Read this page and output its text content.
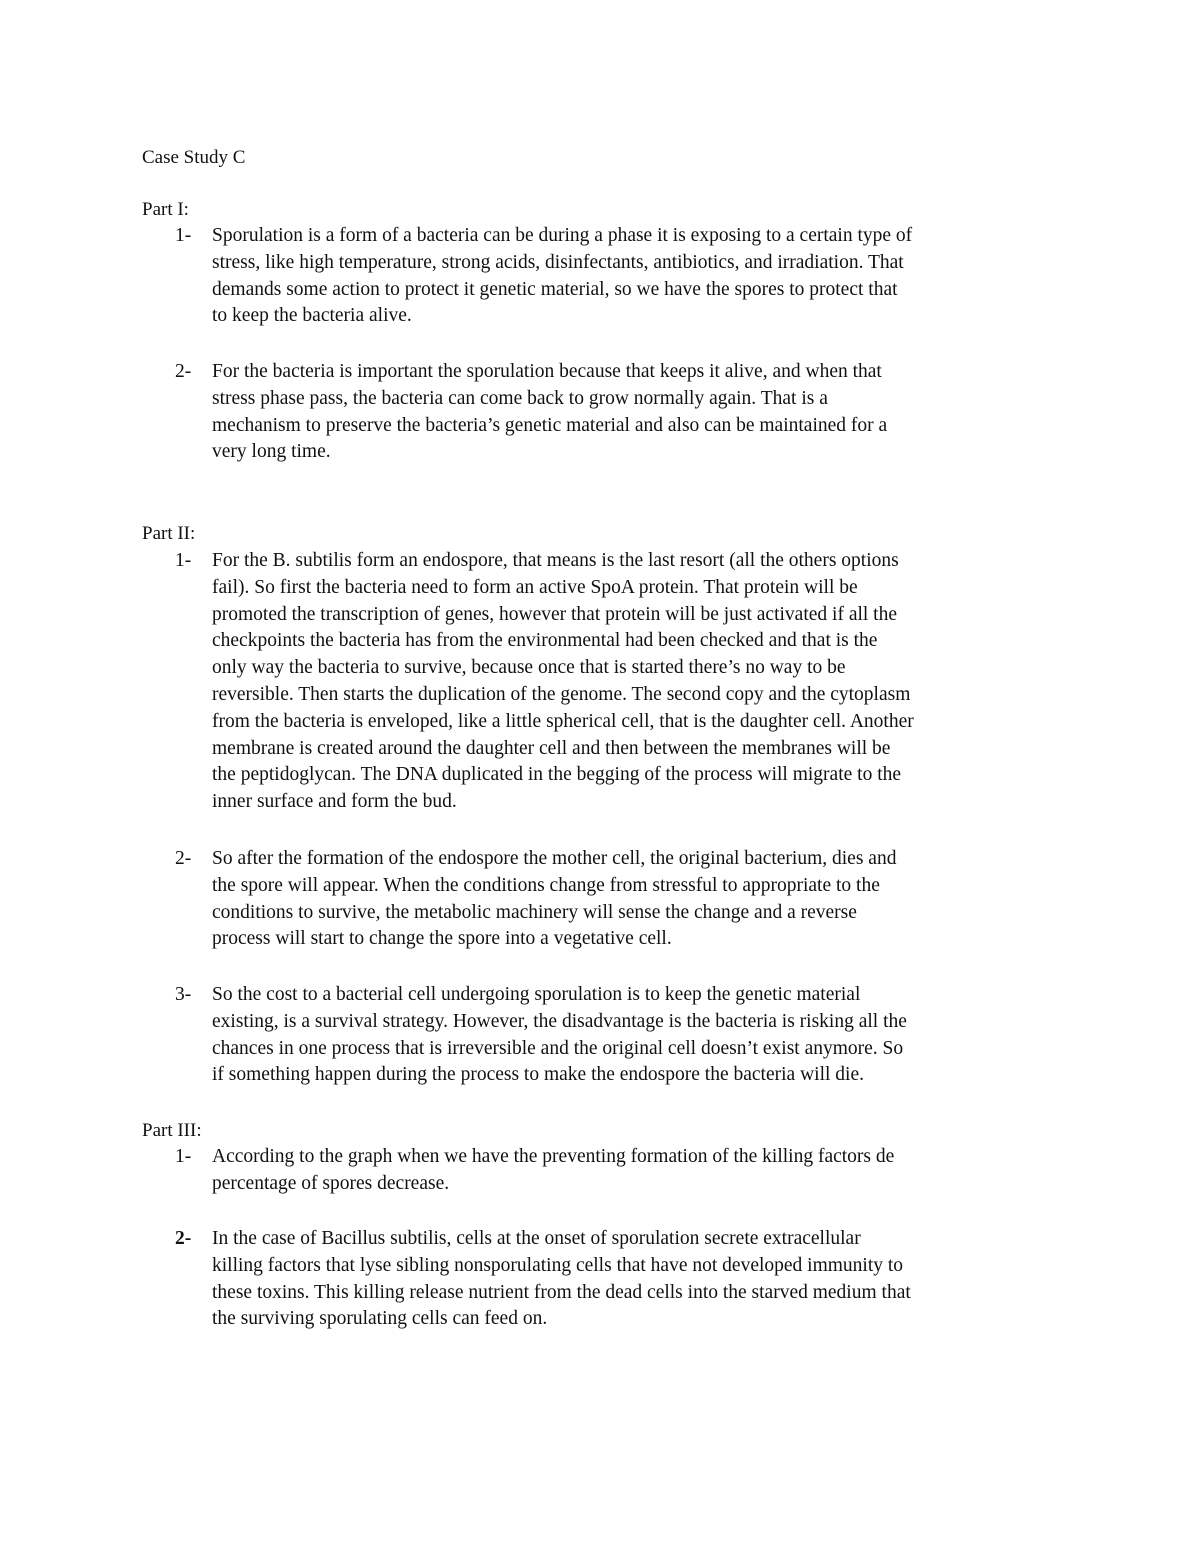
Case Study C
Part I:
1- Sporulation is a form of a bacteria can be during a phase it is exposing to a certain type of

stress, like high temperature, strong acids, disinfectants, antibiotics, and irradiation. That

demands some action to protect it genetic material, so we have the spores to protect that

to keep the bacteria alive.

2- For the bacteria is important the sporulation because that keeps it alive, and when that

stress phase pass, the bacteria can come back to grow normally again. That is a

mechanism to preserve the bacteria’s genetic material and also can be maintained for a

very long time.

Part II:
1- For the B. subtilis form an endospore, that means is the last resort (all the others options

fail). So first the bacteria need to form an active SpoA protein. That protein will be

promoted the transcription of genes, however that protein will be just activated if all the

checkpoints the bacteria has from the environmental had been checked and that is the

only way the bacteria to survive, because once that is started there’s no way to be

reversible. Then starts the duplication of the genome. The second copy and the cytoplasm

from the bacteria is enveloped, like a little spherical cell, that is the daughter cell. Another

membrane is created around the daughter cell and then between the membranes will be

the peptidoglycan. The DNA duplicated in the begging of the process will migrate to the

inner surface and form the bud.

2- So after the formation of the endospore the mother cell, the original bacterium, dies and

the spore will appear. When the conditions change from stressful to appropriate to the

conditions to survive, the metabolic machinery will sense the change and a reverse

process will start to change the spore into a vegetative cell.

3- So the cost to a bacterial cell undergoing sporulation is to keep the genetic material

existing, is a survival strategy. However, the disadvantage is the bacteria is risking all the

chances in one process that is irreversible and the original cell doesn’t exist anymore. So

if something happen during the process to make the endospore the bacteria will die.

Part III:
1- According to the graph when we have the preventing formation of the killing factors de

percentage of spores decrease.

2- In the case of Bacillus subtilis, cells at the onset of sporulation secrete extracellular

killing factors that lyse sibling nonsporulating cells that have not developed immunity to

these toxins. This killing release nutrient from the dead cells into the starved medium that

the surviving sporulating cells can feed on.
